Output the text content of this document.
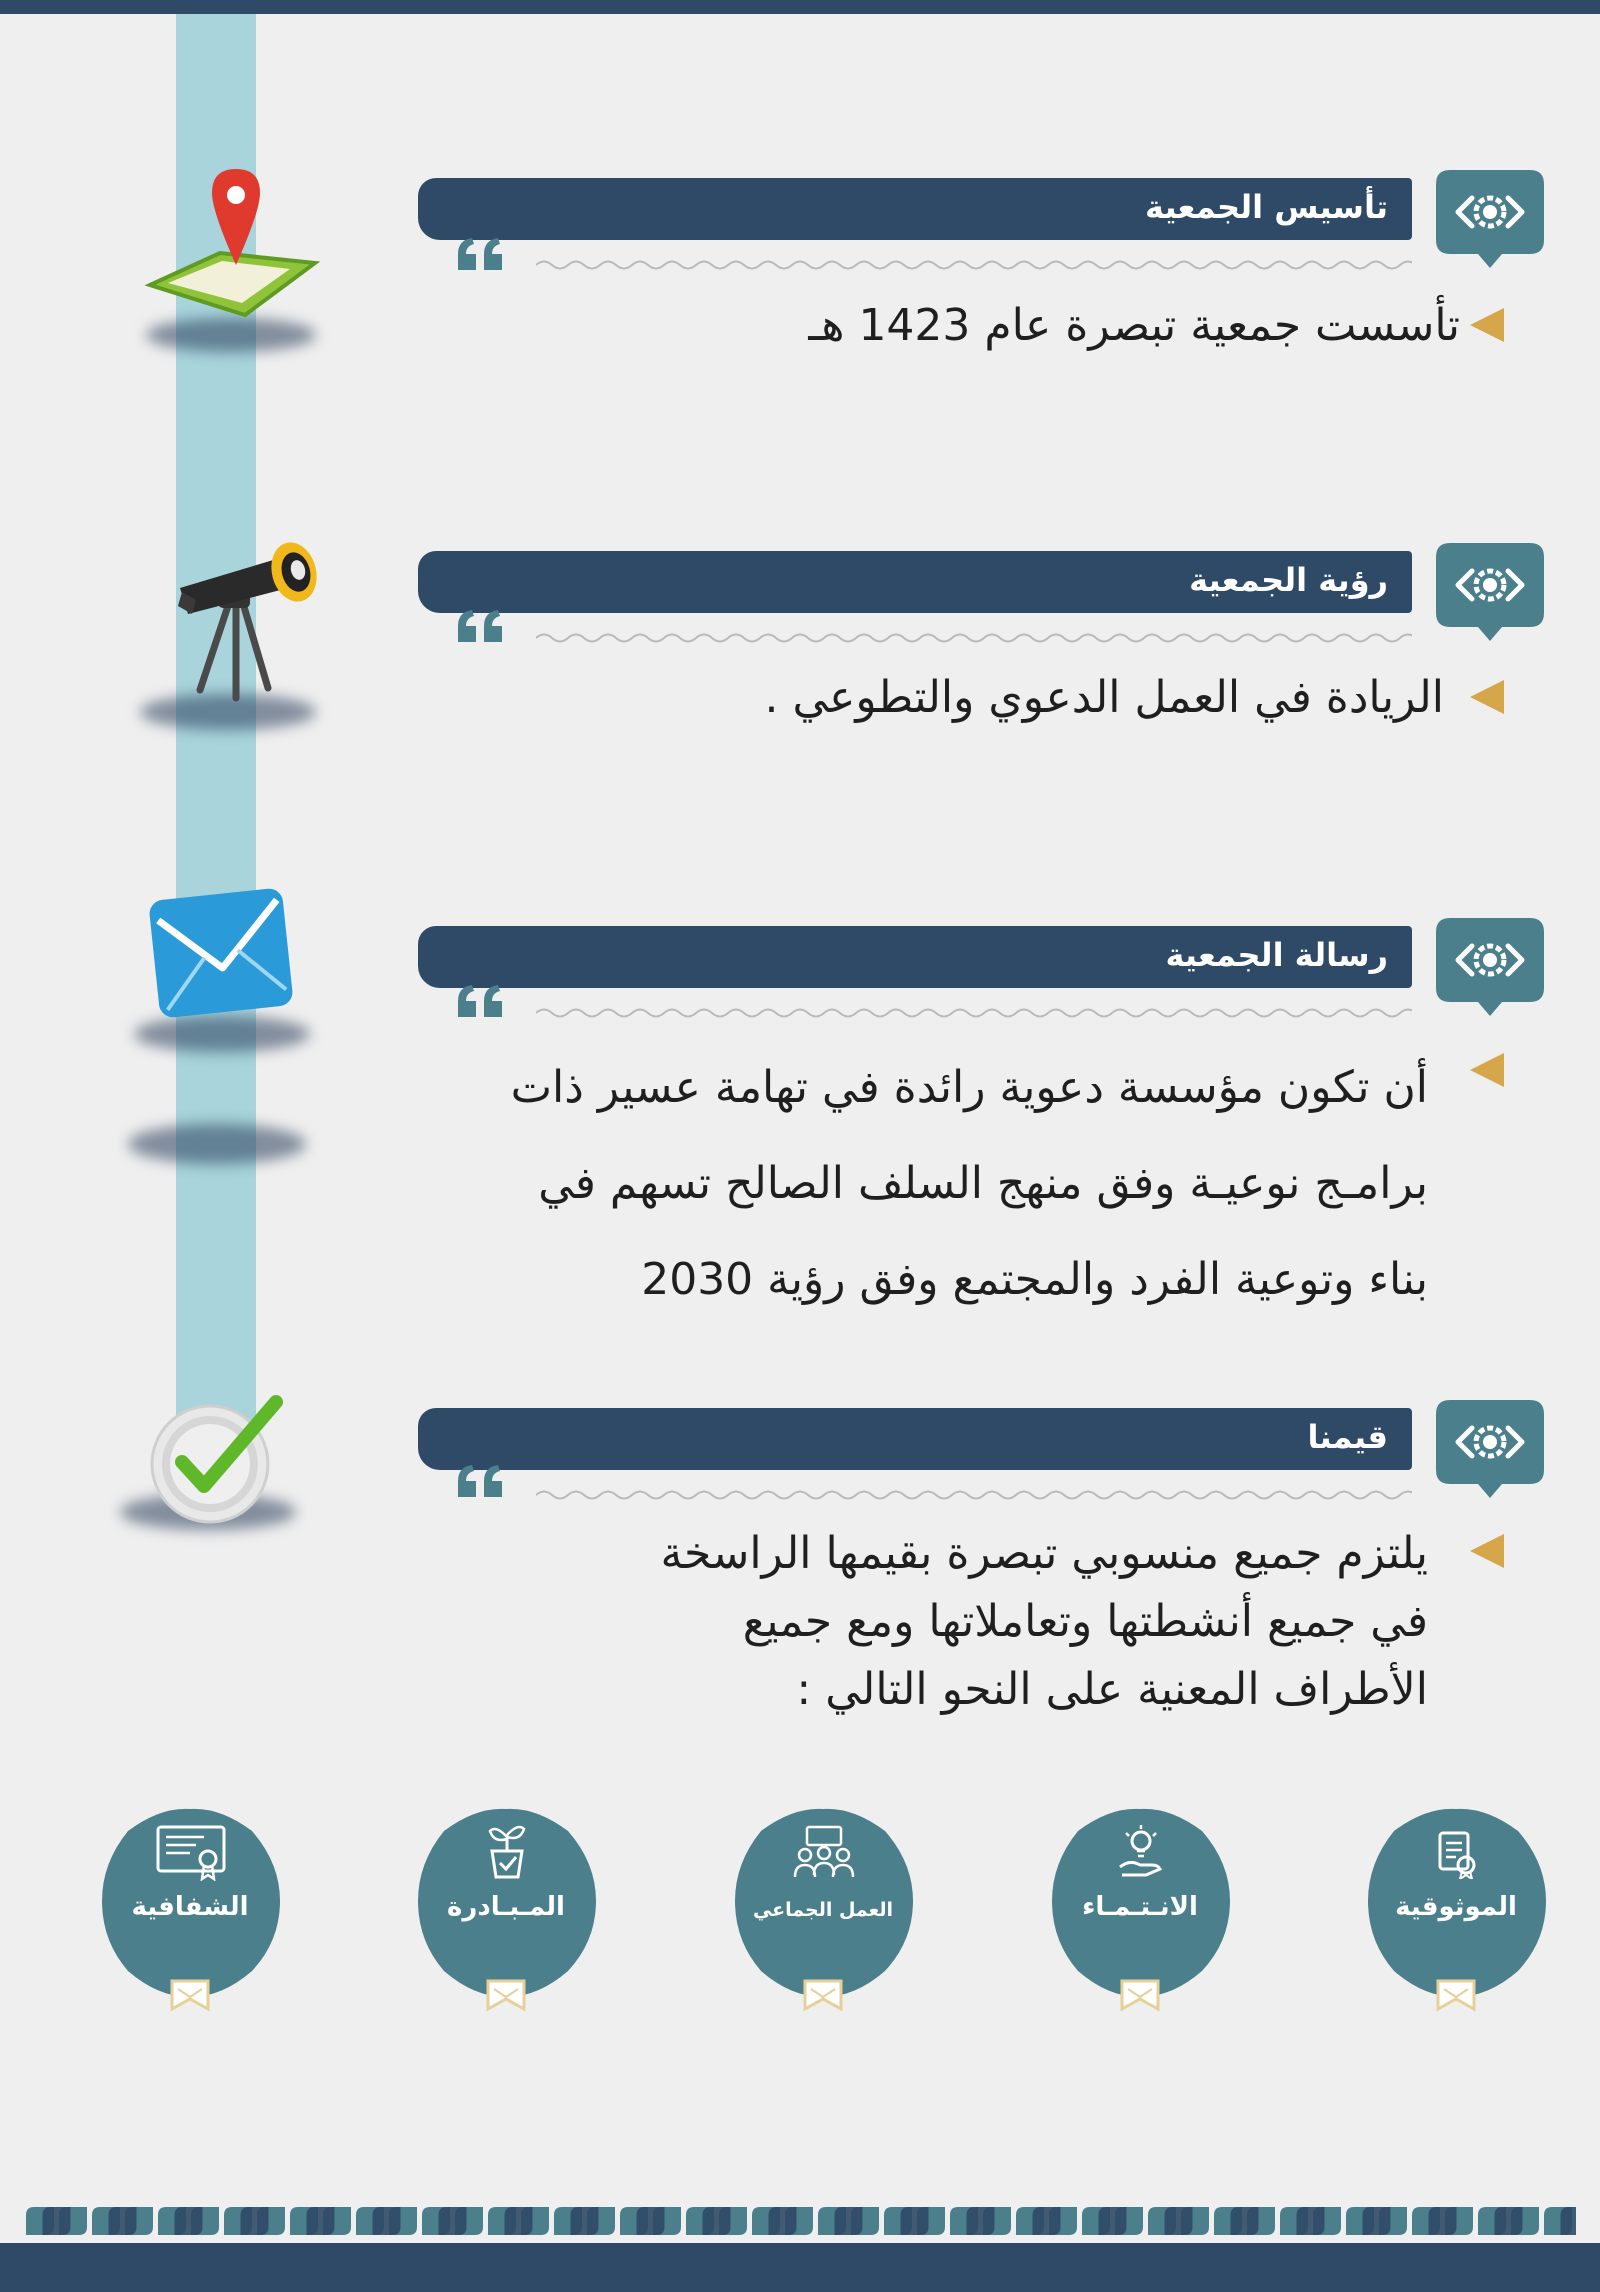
تأسيس الجمعية
تأسست جمعية تبصرة عام 1423 هـ
رؤية الجمعية
الريادة في العمل الدعوي والتطوعي .
رسالة الجمعية
أن تكون مؤسسة دعوية رائدة في تهامة عسير ذات
برامـج نوعيـة وفق منهج السلف الصالح تسهم في
بناء وتوعية الفرد والمجتمع وفق رؤية 2030
قيمنا
يلتزم جميع منسوبي تبصرة بقيمها الراسخة
في جميع أنشطتها وتعاملاتها ومع جميع
الأطراف المعنية على النحو التالي :
الموثوقية
الانـتـمـاء
العمل الجماعي
المـبـادرة
الشفافية
